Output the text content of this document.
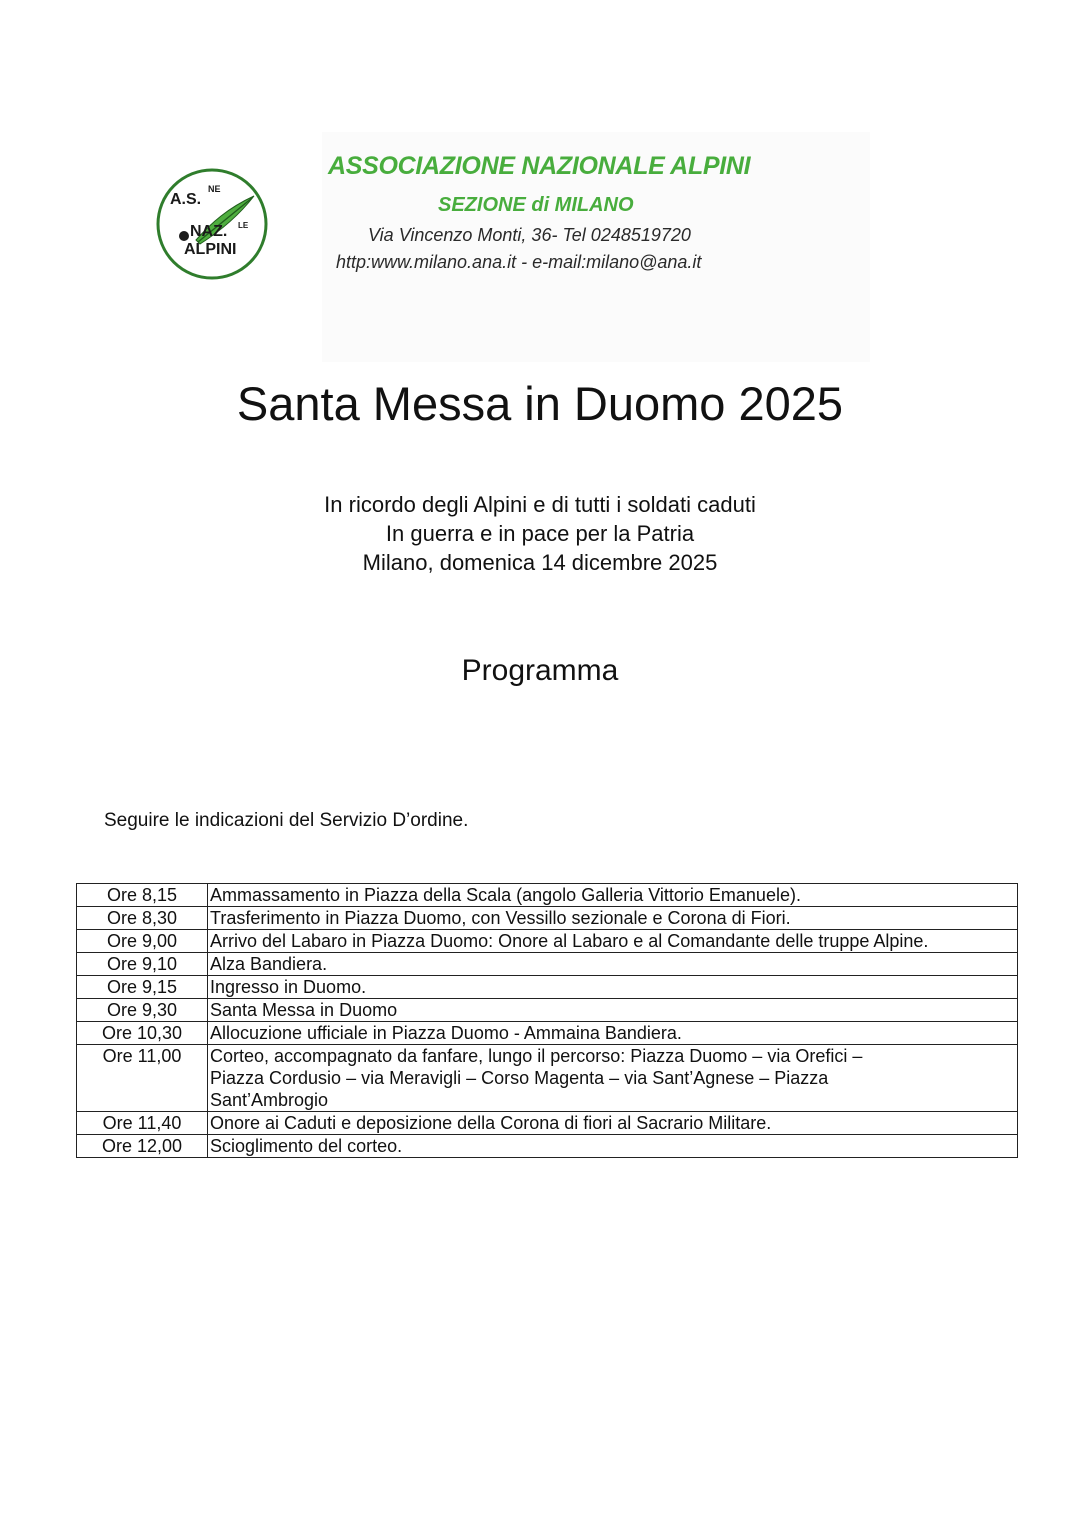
A.S.
NE
NAZ. LE
ALPINI
ASSOCIAZIONE NAZIONALE ALPINI
SEZIONE di MILANO
Via Vincenzo Monti, 36- Tel 0248519720
http:www.milano.ana.it - e-mail:milano@ana.it
Santa Messa in Duomo 2025
In ricordo degli Alpini e di tutti i soldati caduti
In guerra e in pace per la Patria
Milano, domenica 14 dicembre 2025
Programma
Seguire le indicazioni del Servizio D’ordine.
Ore 8,15	Ammassamento in Piazza della Scala (angolo Galleria Vittorio Emanuele).

Ore 8,30	Trasferimento in Piazza Duomo, con Vessillo sezionale e Corona di Fiori.

Ore 9,00	Arrivo del Labaro in Piazza Duomo: Onore al Labaro e al Comandante delle truppe Alpine.

Ore 9,10	Alza Bandiera.

Ore 9,15	Ingresso in Duomo.

Ore 9,30	Santa Messa in Duomo

Ore 10,30	Allocuzione ufficiale in Piazza Duomo - Ammaina Bandiera.

Ore 11,00	Corteo, accompagnato da fanfare, lungo il percorso: Piazza Duomo – via Orefici –
Piazza Cordusio – via Meravigli – Corso Magenta – via Sant’Agnese – Piazza
Sant’Ambrogio

Ore 11,40	Onore ai Caduti e deposizione della Corona di fiori al Sacrario Militare.

Ore 12,00	Scioglimento del corteo.
